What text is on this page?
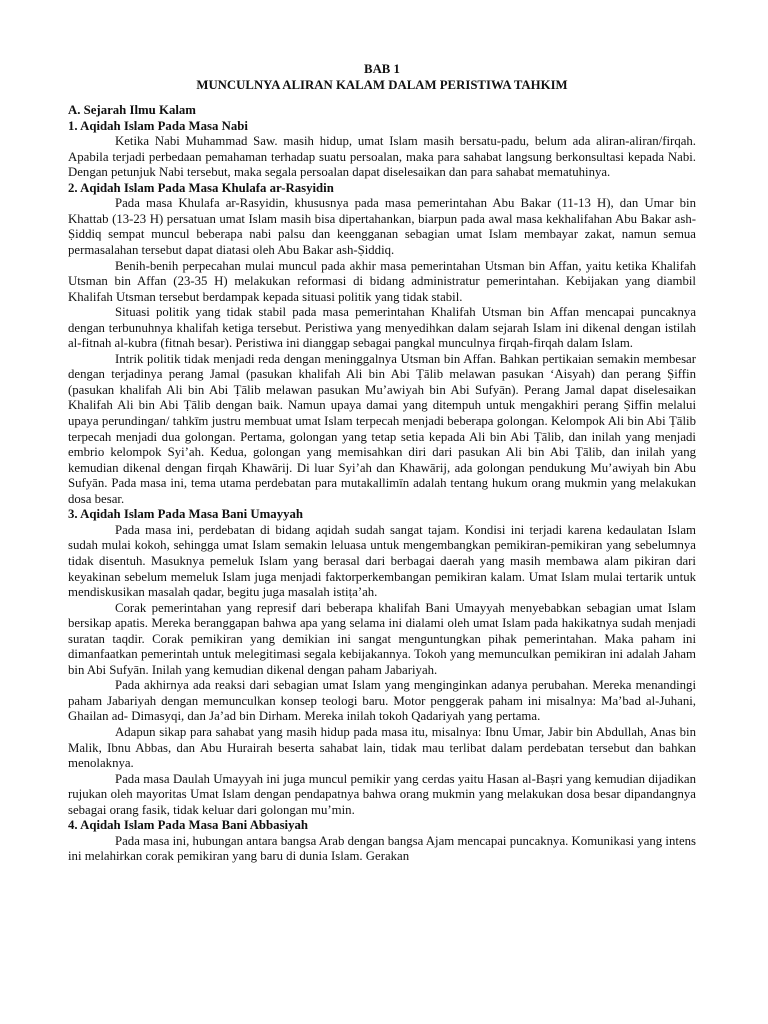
BAB 1

MUNCULNYA ALIRAN KALAM DALAM PERISTIWA TAHKIM

A. Sejarah Ilmu Kalam

1. Aqidah Islam Pada Masa Nabi

Ketika Nabi Muhammad Saw. masih hidup, umat Islam masih bersatu-padu, belum ada aliran-aliran/firqah. Apabila terjadi perbedaan pemahaman terhadap suatu persoalan, maka para sahabat langsung berkonsultasi kepada Nabi. Dengan petunjuk Nabi tersebut, maka segala persoalan dapat diselesaikan dan para sahabat mematuhinya.

2. Aqidah Islam Pada Masa Khulafa ar-Rasyidin

Pada masa Khulafa ar-Rasyidin, khususnya pada masa pemerintahan Abu Bakar (11-13 H), dan Umar bin Khattab (13-23 H) persatuan umat Islam masih bisa dipertahankan, biarpun pada awal masa kekhalifahan Abu Bakar ash-Ṣiddiq sempat muncul beberapa nabi palsu dan keengganan sebagian umat Islam membayar zakat, namun semua permasalahan tersebut dapat diatasi oleh Abu Bakar ash-Ṣiddiq.

Benih-benih perpecahan mulai muncul pada akhir masa pemerintahan Utsman bin Affan, yaitu ketika Khalifah Utsman bin Affan (23-35 H) melakukan reformasi di bidang administratur pemerintahan. Kebijakan yang diambil Khalifah Utsman tersebut berdampak kepada situasi politik yang tidak stabil.

Situasi politik yang tidak stabil pada masa pemerintahan Khalifah Utsman bin Affan mencapai puncaknya dengan terbunuhnya khalifah ketiga tersebut. Peristiwa yang menyedihkan dalam sejarah Islam ini dikenal dengan istilah al-fitnah al-kubra (fitnah besar). Peristiwa ini dianggap sebagai pangkal munculnya firqah-firqah dalam Islam.

Intrik politik tidak menjadi reda dengan meninggalnya Utsman bin Affan. Bahkan pertikaian semakin membesar dengan terjadinya perang Jamal (pasukan khalifah Ali bin Abi Ṭālib melawan pasukan ‘Aisyah) dan perang Ṣiffin (pasukan khalifah Ali bin Abi Ṭālib melawan pasukan Mu’awiyah bin Abi Sufyān). Perang Jamal dapat diselesaikan Khalifah Ali bin Abi Ṭālib dengan baik. Namun upaya damai yang ditempuh untuk mengakhiri perang Ṣiffin melalui upaya perundingan/ tahkīm justru membuat umat Islam terpecah menjadi beberapa golongan. Kelompok Ali bin Abi Ṭālib terpecah menjadi dua golongan. Pertama, golongan yang tetap setia kepada Ali bin Abi Ṭālib, dan inilah yang menjadi embrio kelompok Syi’ah. Kedua, golongan yang memisahkan diri dari pasukan Ali bin Abi Ṭālib, dan inilah yang kemudian dikenal dengan firqah Khawārij. Di luar Syi’ah dan Khawārij, ada golongan pendukung Mu’awiyah bin Abu Sufyān. Pada masa ini, tema utama perdebatan para mutakallimīn adalah tentang hukum orang mukmin yang melakukan dosa besar.

3. Aqidah Islam Pada Masa Bani Umayyah

Pada masa ini, perdebatan di bidang aqidah sudah sangat tajam. Kondisi ini terjadi karena kedaulatan Islam sudah mulai kokoh, sehingga umat Islam semakin leluasa untuk mengembangkan pemikiran-pemikiran yang sebelumnya tidak disentuh. Masuknya pemeluk Islam yang berasal dari berbagai daerah yang masih membawa alam pikiran dari keyakinan sebelum memeluk Islam juga menjadi faktorperkembangan pemikiran kalam. Umat Islam mulai tertarik untuk mendiskusikan masalah qadar, begitu juga masalah istiṭa’ah.

Corak pemerintahan yang represif dari beberapa khalifah Bani Umayyah menyebabkan sebagian umat Islam bersikap apatis. Mereka beranggapan bahwa apa yang selama ini dialami oleh umat Islam pada hakikatnya sudah menjadi suratan taqdir. Corak pemikiran yang demikian ini sangat menguntungkan pihak pemerintahan. Maka paham ini dimanfaatkan pemerintah untuk melegitimasi segala kebijakannya. Tokoh yang memunculkan pemikiran ini adalah Jaham bin Abi Sufyān. Inilah yang kemudian dikenal dengan paham Jabariyah.

Pada akhirnya ada reaksi dari sebagian umat Islam yang menginginkan adanya perubahan. Mereka menandingi paham Jabariyah dengan memunculkan konsep teologi baru. Motor penggerak paham ini misalnya: Ma’bad al-Juhani, Ghailan ad- Dimasyqi, dan Ja’ad bin Dirham. Mereka inilah tokoh Qadariyah yang pertama.

Adapun sikap para sahabat yang masih hidup pada masa itu, misalnya: Ibnu Umar, Jabir bin Abdullah, Anas bin Malik, Ibnu Abbas, dan Abu Hurairah beserta sahabat lain, tidak mau terlibat dalam perdebatan tersebut dan bahkan menolaknya.

Pada masa Daulah Umayyah ini juga muncul pemikir yang cerdas yaitu Hasan al-Baṣri yang kemudian dijadikan rujukan oleh mayoritas Umat Islam dengan pendapatnya bahwa orang mukmin yang melakukan dosa besar dipandangnya sebagai orang fasik, tidak keluar dari golongan mu’min.

4. Aqidah Islam Pada Masa Bani Abbasiyah

Pada masa ini, hubungan antara bangsa Arab dengan bangsa Ajam mencapai puncaknya. Komunikasi yang intens ini melahirkan corak pemikiran yang baru di dunia Islam. Gerakan
